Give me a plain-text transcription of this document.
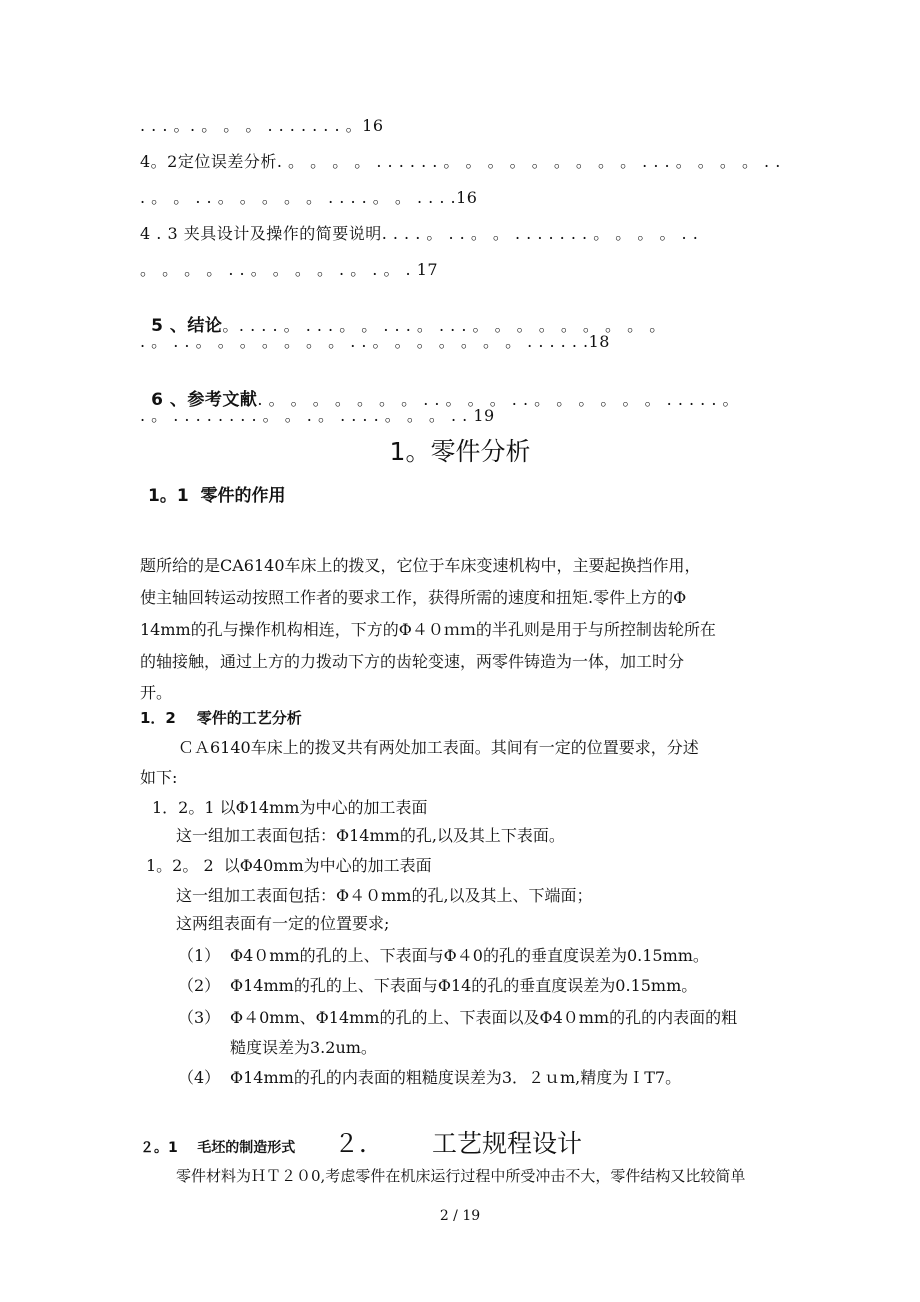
. . . 。. 。 。 。 . . . . . . . 。16
4。2定位误差分析. 。 。 。 。 . . . . . . 。 。 。 。 。 。 。 。 。 . . . 。 。 。 。 . .
. 。 。 . . 。 。 。 。 。 . . . . 。 。 . . . .16
4 . 3 夹具设计及操作的简要说明. . . . 。 . . 。 。 . . . . . . . 。 。 。 。 . .
。 。 。 。 . . 。 。 。 。 . 。 . 。 . 17

5 、结论。. . . . 。 . . . 。 。 . . . 。 . . . 。 。 。 。 。 。 。 。 。

. 。 . . 。 。 。 。 。 。 。 . . 。 。 。 。 。 。 。 . . . . . .18

6 、参考文献. 。 。 。 。 。 。 。 . . 。 。 。 . . 。 。 。 。 。 。 . . . . . 。

. 。 . . . . . . . . 。 。 . 。 . . . . 。 。 。 . . 19
1。零件分析
1。1  零件的作用
题所给的是CA6140车床上的拨叉，它位于车床变速机构中，主要起换挡作用，
使主轴回转运动按照工作者的要求工作，获得所需的速度和扭矩.零件上方的Φ
14mm的孔与操作机构相连，下方的Φ４０ｍｍ的半孔则是用于与所控制齿轮所在
的轴接触，通过上方的力拨动下方的齿轮变速，两零件铸造为一体，加工时分
开。
1．2    零件的工艺分析
ＣＡ6140车床上的拨叉共有两处加工表面。其间有一定的位置要求，分述
如下:
1．2。1 以Φ14mm为中心的加工表面
这一组加工表面包括：Φ14mm的孔,以及其上下表面。
1。2。 2  以Φ40mm为中心的加工表面
这一组加工表面包括：Φ４０mm的孔,以及其上、下端面；
这两组表面有一定的位置要求;
（1） Φ4０mm的孔的上、下表面与Φ４0的孔的垂直度误差为0.15mm。
（2） Φ14mm的孔的上、下表面与Φ14的孔的垂直度误差为0.15mm。
（3） Φ４0mm、Φ14mm的孔的上、下表面以及Φ4０mm的孔的内表面的粗
糙度误差为3.2um。
（4） Φ14mm的孔的内表面的粗糙度误差为3．２ｕm,精度为ＩT7。

２． 工艺规程设计

２。1    毛坯的制造形式
零件材料为ＨＴ２０0,考虑零件在机床运行过程中所受冲击不大，零件结构又比较简单
2 / 19
